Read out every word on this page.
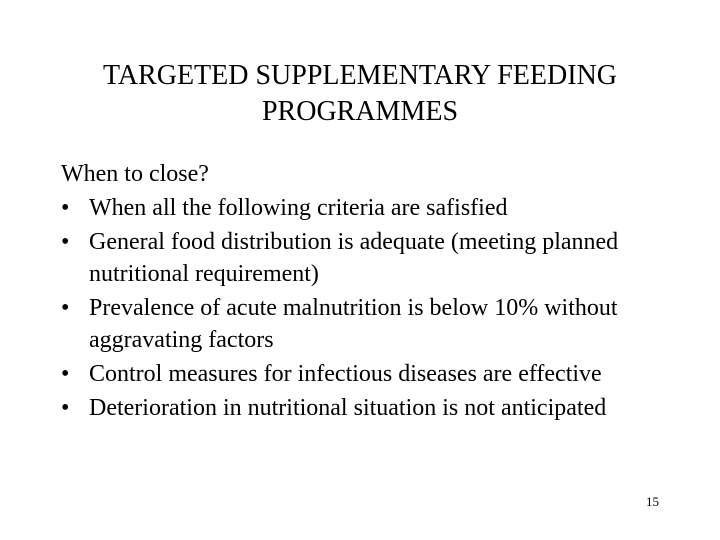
TARGETED SUPPLEMENTARY FEEDING
PROGRAMMES
When to close?
• When all the following criteria are safisfied
• General food distribution is adequate (meeting planned nutritional requirement)
• Prevalence of acute malnutrition is below 10% without aggravating factors
• Control measures for infectious diseases are effective
• Deterioration in nutritional situation is not anticipated
15
